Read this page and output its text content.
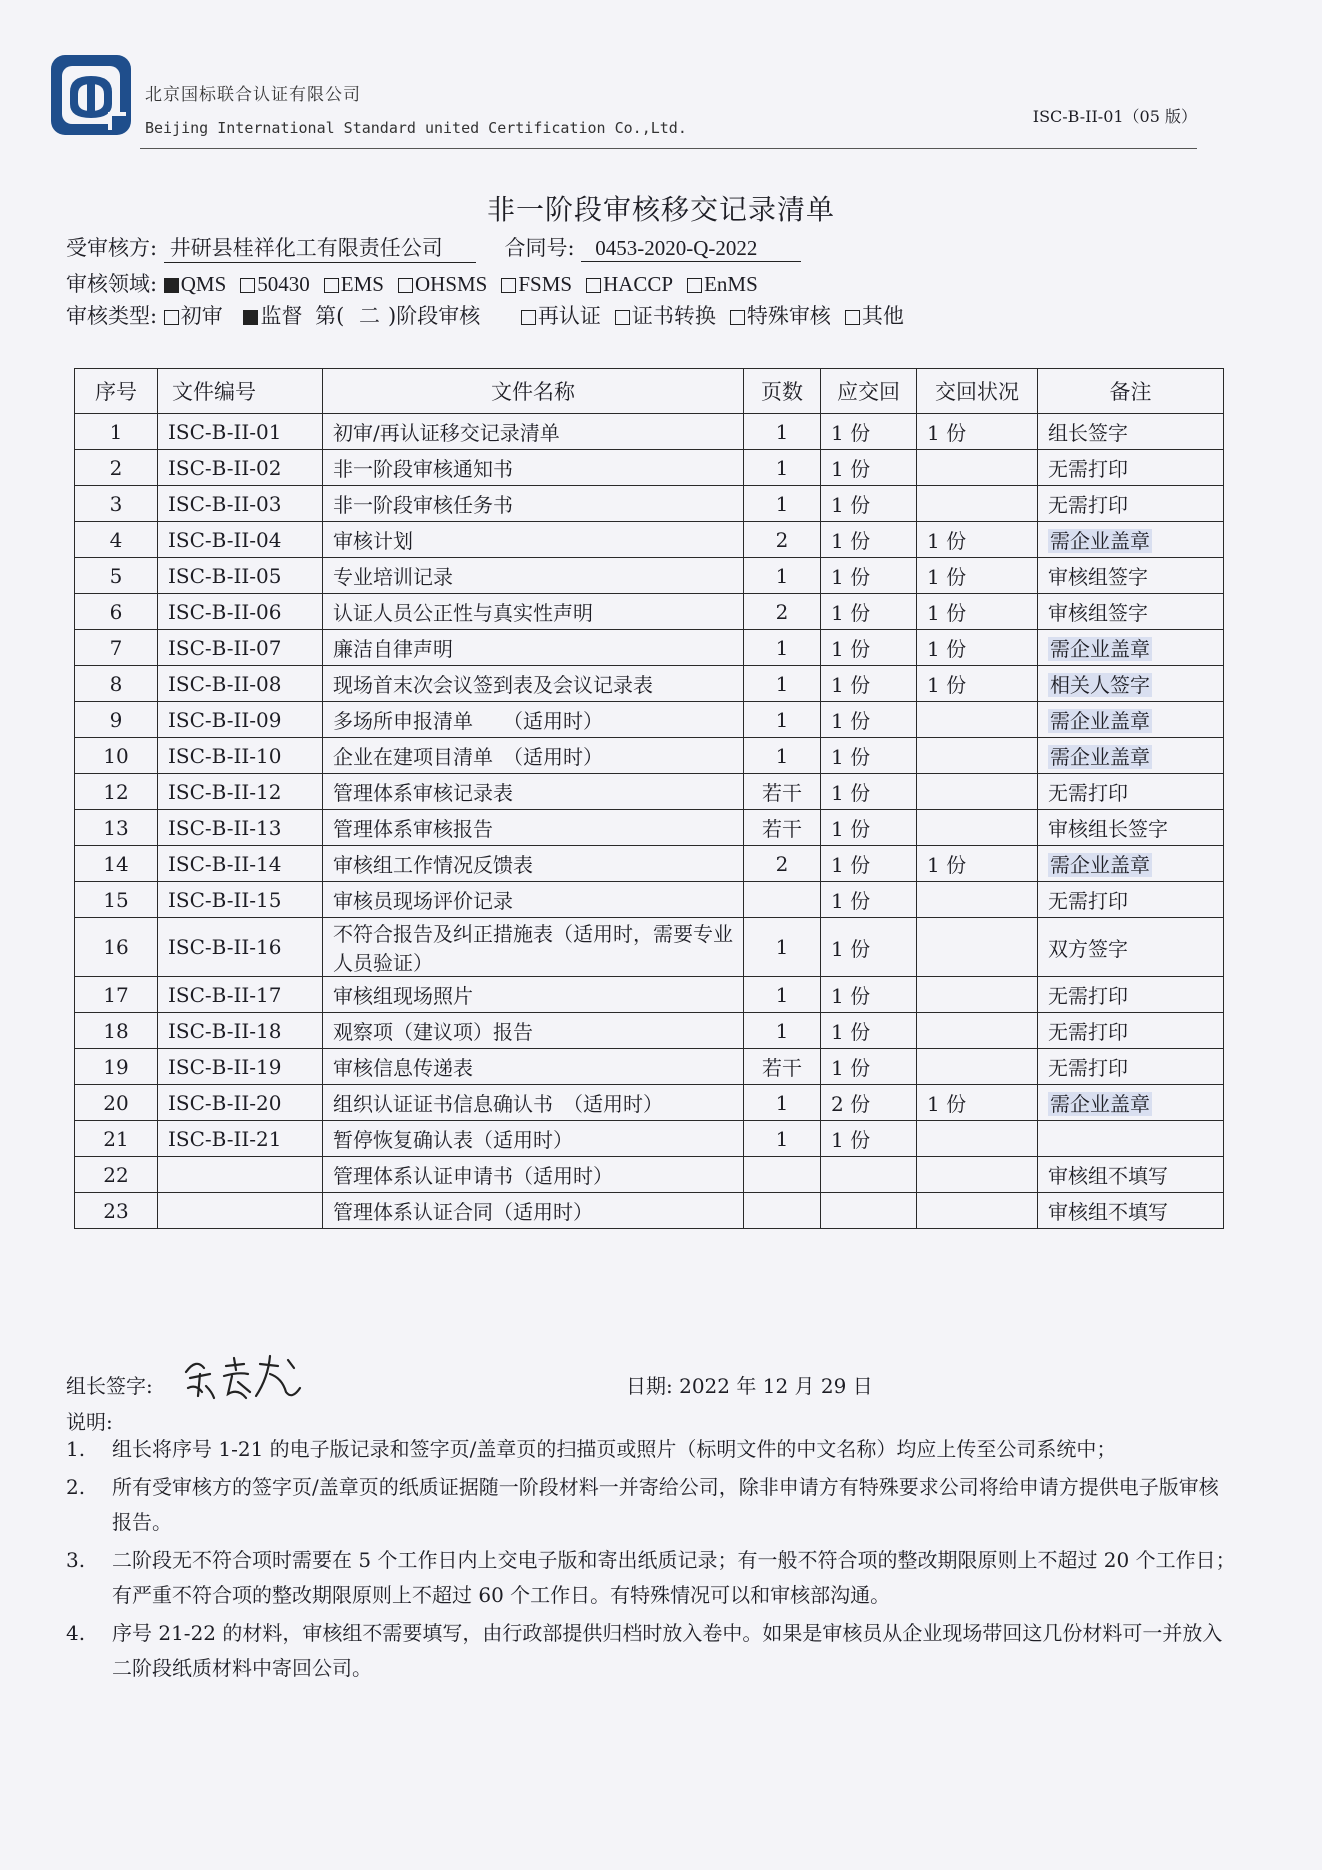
北京国标联合认证有限公司
Beijing International Standard united Certification Co.,Ltd.
ISC-B-II-01（05 版）
非一阶段审核移交记录清单
受审核方: 井研县桂祥化工有限责任公司	合同号: 0453-2020-Q-2022
审核领域: QMS 50430 EMS OHSMS FSMS HACCP EnMS
审核类型: 初审 监督 第( 二 )阶段审核	再认证 证书转换 特殊审核 其他
序号	文件编号	文件名称	页数	应交回	交回状况	备注
1	ISC-B-II-01	初审/再认证移交记录清单	1	1 份	1 份	组长签字
2	ISC-B-II-02	非一阶段审核通知书	1	1 份		无需打印
3	ISC-B-II-03	非一阶段审核任务书	1	1 份		无需打印
4	ISC-B-II-04	审核计划	2	1 份	1 份	需企业盖章
5	ISC-B-II-05	专业培训记录	1	1 份	1 份	审核组签字
6	ISC-B-II-06	认证人员公正性与真实性声明	2	1 份	1 份	审核组签字
7	ISC-B-II-07	廉洁自律声明	1	1 份	1 份	需企业盖章
8	ISC-B-II-08	现场首末次会议签到表及会议记录表	1	1 份	1 份	相关人签字
9	ISC-B-II-09	多场所申报清单　　（适用时）	1	1 份		需企业盖章
10	ISC-B-II-10	企业在建项目清单　（适用时）	1	1 份		需企业盖章
12	ISC-B-II-12	管理体系审核记录表	若干	1 份		无需打印
13	ISC-B-II-13	管理体系审核报告	若干	1 份		审核组长签字
14	ISC-B-II-14	审核组工作情况反馈表	2	1 份	1 份	需企业盖章
15	ISC-B-II-15	审核员现场评价记录		1 份		无需打印
16	ISC-B-II-16	不符合报告及纠正措施表（适用时，需要专业人员验证）	1	1 份		双方签字
17	ISC-B-II-17	审核组现场照片	1	1 份		无需打印
18	ISC-B-II-18	观察项（建议项）报告	1	1 份		无需打印
19	ISC-B-II-19	审核信息传递表	若干	1 份		无需打印
20	ISC-B-II-20	组织认证证书信息确认书　（适用时）	1	2 份	1 份	需企业盖章
21	ISC-B-II-21	暂停恢复确认表（适用时）	1	1 份		
22		管理体系认证申请书（适用时）				审核组不填写
23		管理体系认证合同（适用时）				审核组不填写
组长签字:	日期: 2022 年 12 月 29 日
说明:
1.	组长将序号 1-21 的电子版记录和签字页/盖章页的扫描页或照片（标明文件的中文名称）均应上传至公司系统中；
2.	所有受审核方的签字页/盖章页的纸质证据随一阶段材料一并寄给公司，除非申请方有特殊要求公司将给申请方提供电子版审核报告。
3.	二阶段无不符合项时需要在 5 个工作日内上交电子版和寄出纸质记录；有一般不符合项的整改期限原则上不超过 20 个工作日；有严重不符合项的整改期限原则上不超过 60 个工作日。有特殊情况可以和审核部沟通。
4.	序号 21-22 的材料，审核组不需要填写，由行政部提供归档时放入卷中。如果是审核员从企业现场带回这几份材料可一并放入二阶段纸质材料中寄回公司。
